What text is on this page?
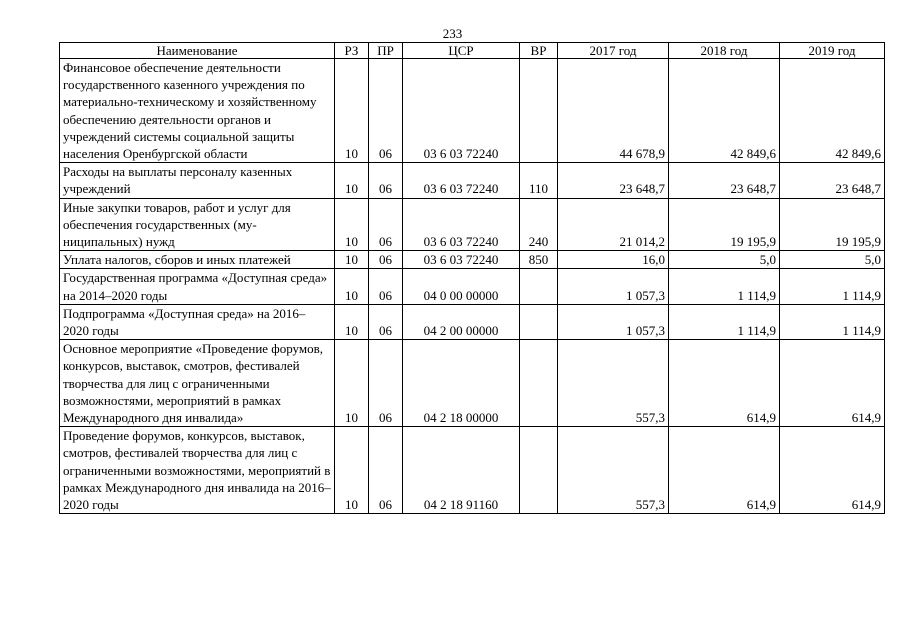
233
Наименование	РЗ	ПР	ЦСР	ВР	2017 год	2018 год	2019 год
Финансовое обеспечение деятельности государственного казенного учреждения по материально-техническому и хозяйственному обеспечению деятельности органов и учреждений системы социальной защиты населения Оренбургской области	10	06	03 6 03 72240		44 678,9	42 849,6	42 849,6
Расходы на выплаты персоналу казенных учреждений	10	06	03 6 03 72240	110	23 648,7	23 648,7	23 648,7
Иные закупки товаров, работ и услуг для обеспечения государственных (муниципальных) нужд	10	06	03 6 03 72240	240	21 014,2	19 195,9	19 195,9
Уплата налогов, сборов и иных платежей	10	06	03 6 03 72240	850	16,0	5,0	5,0
Государственная программа «Доступная среда» на 2014–2020 годы	10	06	04 0 00 00000		1 057,3	1 114,9	1 114,9
Подпрограмма «Доступная среда» на 2016–2020 годы	10	06	04 2 00 00000		1 057,3	1 114,9	1 114,9
Основное мероприятие «Проведение форумов, конкурсов, выставок, смотров, фестивалей творчества для лиц с ограниченными возможностями, мероприятий в рамках Международного дня инвалида»	10	06	04 2 18 00000		557,3	614,9	614,9
Проведение форумов, конкурсов, выставок, смотров, фестивалей творчества для лиц с ограниченными возможностями, мероприятий в рамках Международного дня инвалида на 2016–2020 годы	10	06	04 2 18 91160		557,3	614,9	614,9
